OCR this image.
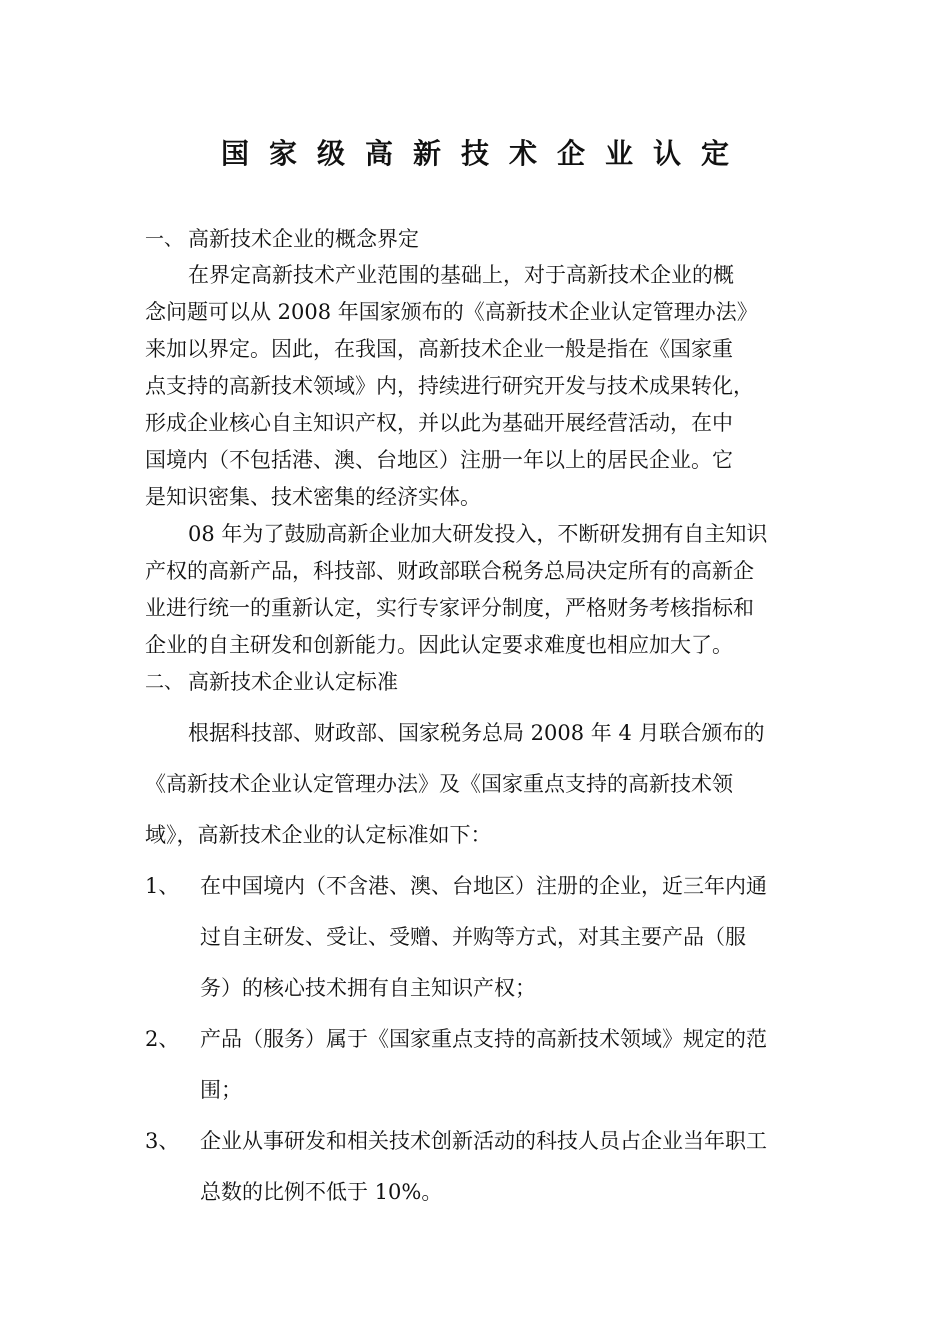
国家级高新技术企业认定
一、 高新技术企业的概念界定
在界定高新技术产业范围的基础上，对于高新技术企业的概
念问题可以从 2008 年国家颁布的《高新技术企业认定管理办法》
来加以界定。因此，在我国，高新技术企业一般是指在《国家重
点支持的高新技术领域》内，持续进行研究开发与技术成果转化，
形成企业核心自主知识产权，并以此为基础开展经营活动，在中
国境内（不包括港、澳、台地区）注册一年以上的居民企业。它
是知识密集、技术密集的经济实体。
08 年为了鼓励高新企业加大研发投入，不断研发拥有自主知识
产权的高新产品，科技部、财政部联合税务总局决定所有的高新企
业进行统一的重新认定，实行专家评分制度，严格财务考核指标和
企业的自主研发和创新能力。因此认定要求难度也相应加大了。
二、 高新技术企业认定标准
根据科技部、财政部、国家税务总局 2008 年 4 月联合颁布的
《高新技术企业认定管理办法》及《国家重点支持的高新技术领
域》，高新技术企业的认定标准如下：
1、 在中国境内（不含港、澳、台地区）注册的企业，近三年内通
过自主研发、受让、受赠、并购等方式，对其主要产品（服
务）的核心技术拥有自主知识产权；
2、 产品（服务）属于《国家重点支持的高新技术领域》规定的范
围；
3、 企业从事研发和相关技术创新活动的科技人员占企业当年职工
总数的比例不低于 10%。
